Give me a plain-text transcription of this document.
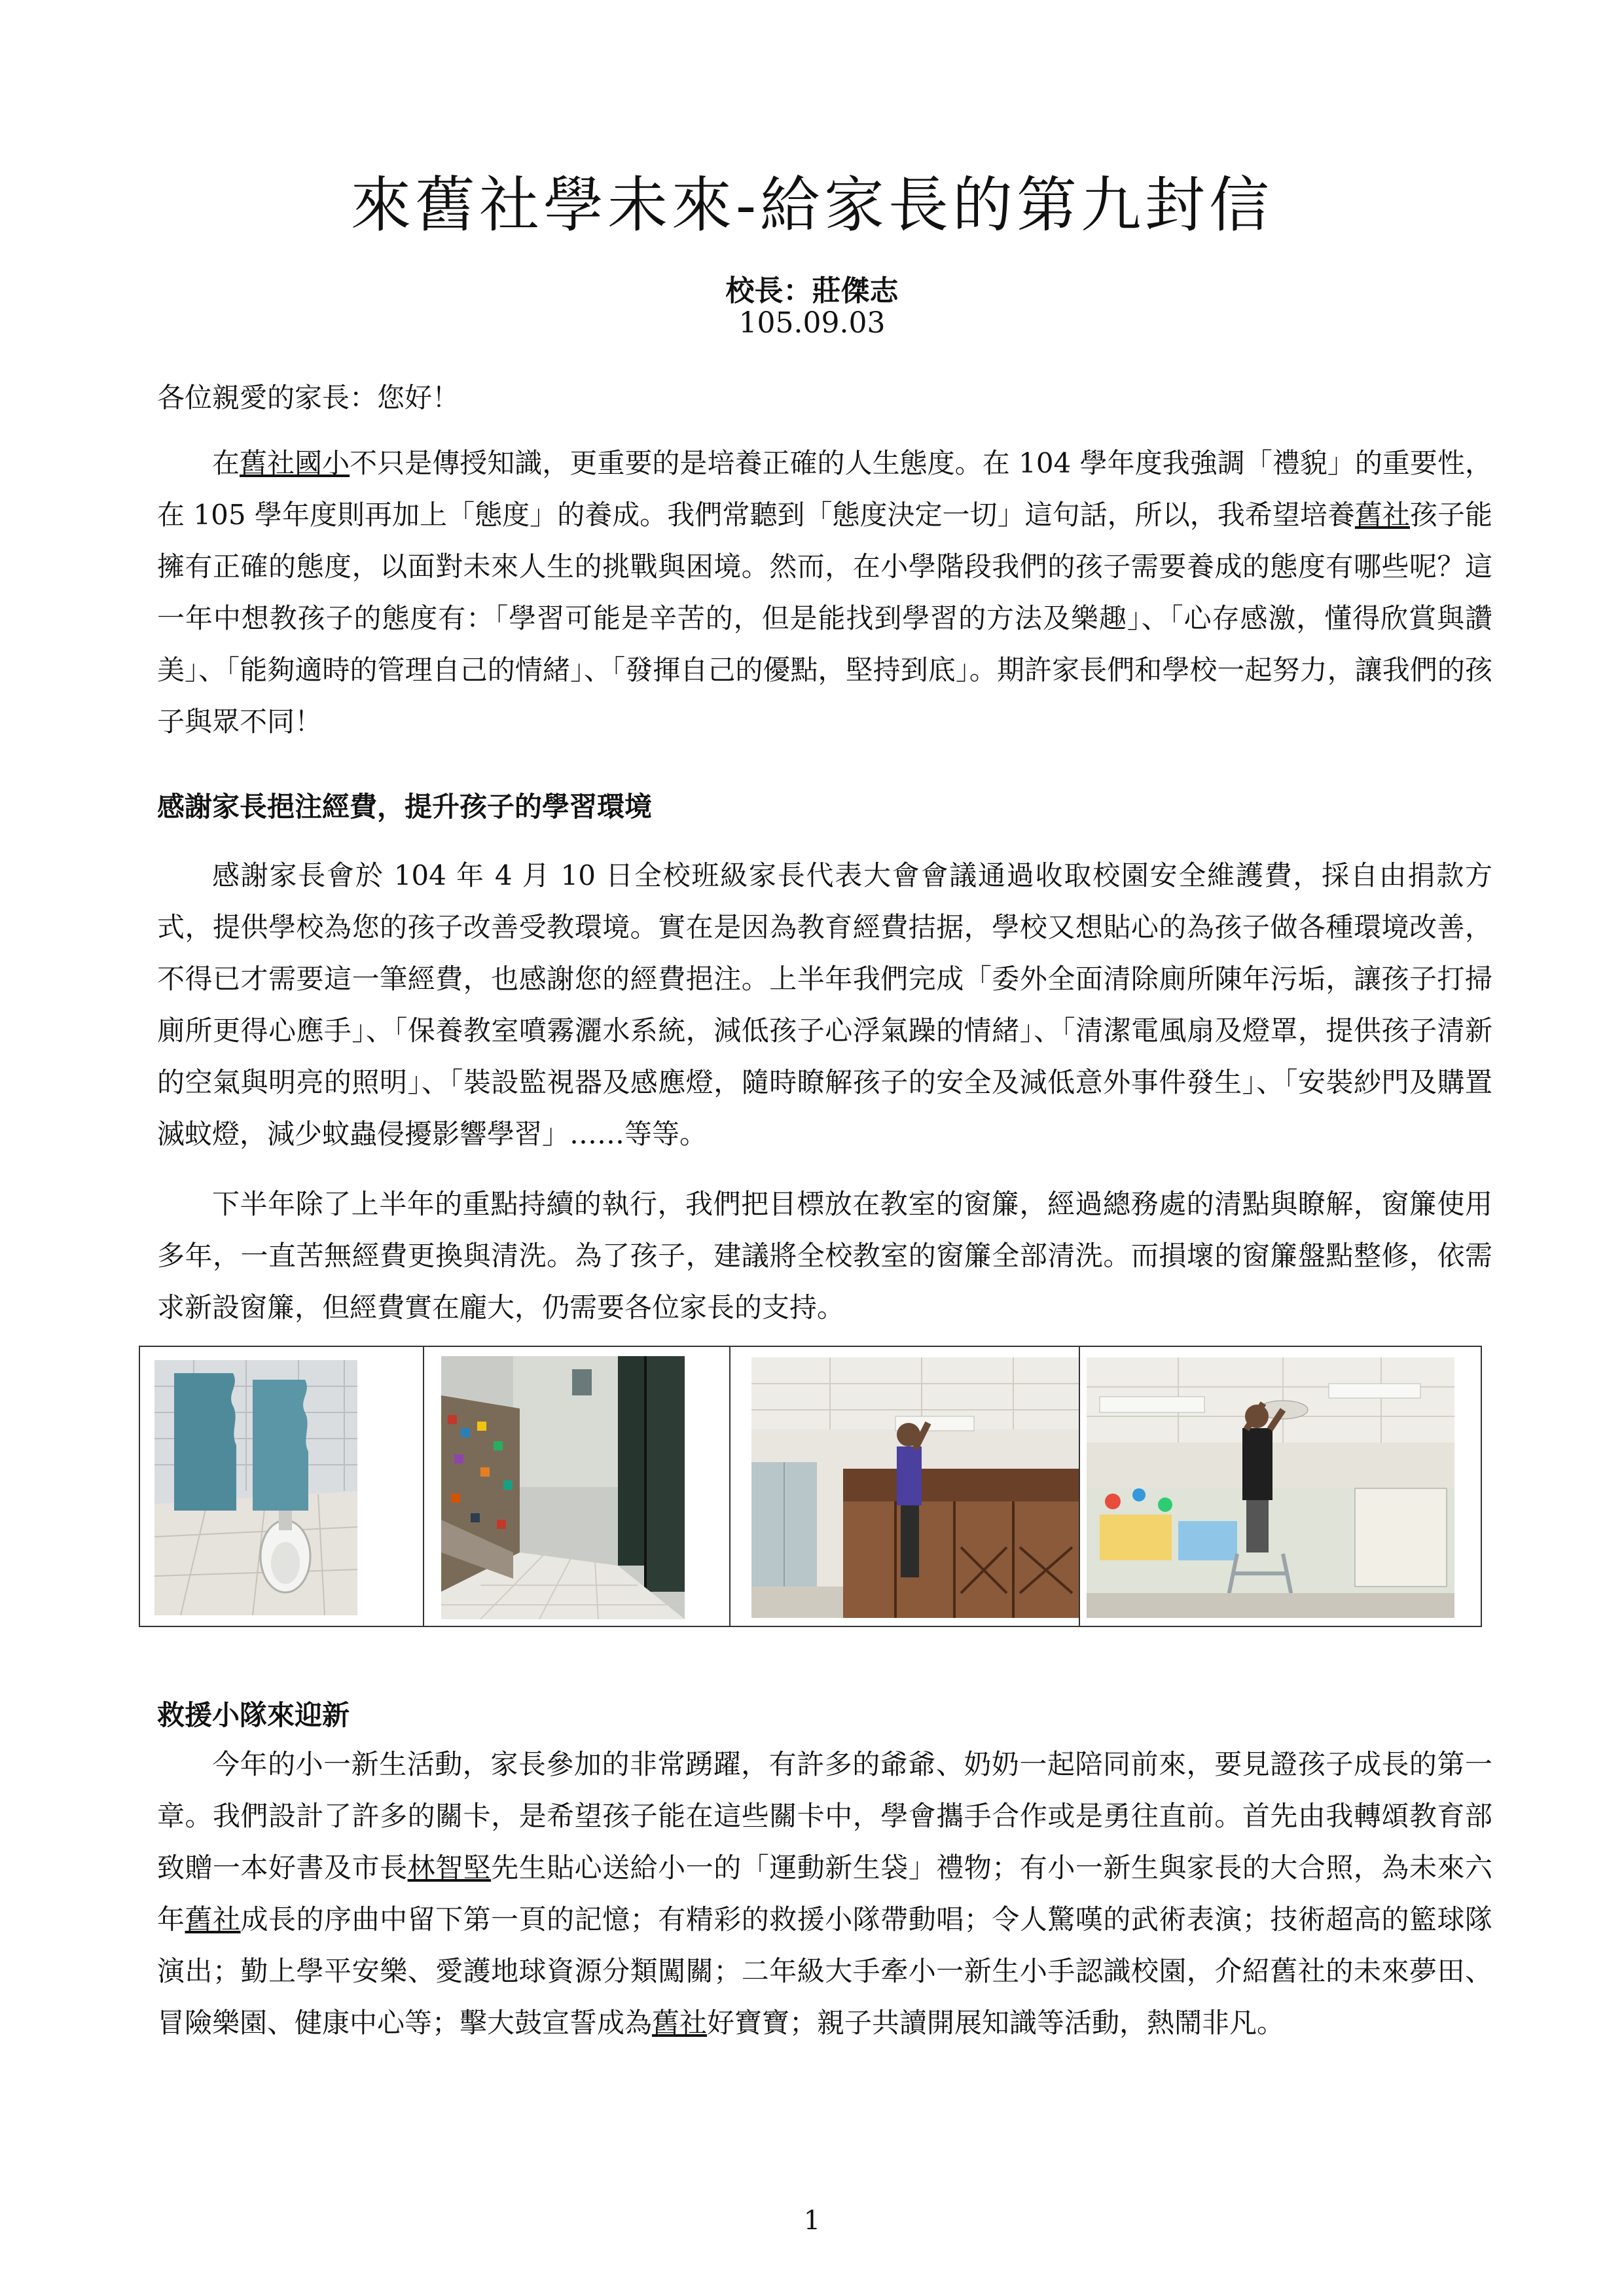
來舊社學未來-給家長的第九封信

校長：莊傑志

105.09.03

各位親愛的家長：您好！

在舊社國小不只是傳授知識，更重要的是培養正確的人生態度。在 104 學年度我強調「禮貌」的重要性，在 105 學年度則再加上「態度」的養成。我們常聽到「態度決定一切」這句話，所以，我希望培養舊社孩子能擁有正確的態度，以面對未來人生的挑戰與困境。然而，在小學階段我們的孩子需要養成的態度有哪些呢？這一年中想教孩子的態度有：「學習可能是辛苦的，但是能找到學習的方法及樂趣」、「心存感激，懂得欣賞與讚美」、「能夠適時的管理自己的情緒」、「發揮自己的優點，堅持到底」。期許家長們和學校一起努力，讓我們的孩子與眾不同！

感謝家長挹注經費，提升孩子的學習環境

感謝家長會於 104 年 4 月 10 日全校班級家長代表大會會議通過收取校園安全維護費，採自由捐款方式，提供學校為您的孩子改善受教環境。實在是因為教育經費拮据，學校又想貼心的為孩子做各種環境改善，不得已才需要這一筆經費，也感謝您的經費挹注。上半年我們完成「委外全面清除廁所陳年污垢，讓孩子打掃廁所更得心應手」、「保養教室噴霧灑水系統，減低孩子心浮氣躁的情緒」、「清潔電風扇及燈罩，提供孩子清新的空氣與明亮的照明」、「裝設監視器及感應燈，隨時瞭解孩子的安全及減低意外事件發生」、「安裝紗門及購置滅蚊燈，減少蚊蟲侵擾影響學習」……等等。

下半年除了上半年的重點持續的執行，我們把目標放在教室的窗簾，經過總務處的清點與瞭解，窗簾使用多年，一直苦無經費更換與清洗。為了孩子，建議將全校教室的窗簾全部清洗。而損壞的窗簾盤點整修，依需求新設窗簾，但經費實在龐大，仍需要各位家長的支持。

救援小隊來迎新

今年的小一新生活動，家長參加的非常踴躍，有許多的爺爺、奶奶一起陪同前來，要見證孩子成長的第一章。我們設計了許多的關卡，是希望孩子能在這些關卡中，學會攜手合作或是勇往直前。首先由我轉頌教育部致贈一本好書及市長林智堅先生貼心送給小一的「運動新生袋」禮物；有小一新生與家長的大合照，為未來六年舊社成長的序曲中留下第一頁的記憶；有精彩的救援小隊帶動唱；令人驚嘆的武術表演；技術超高的籃球隊演出；勤上學平安樂、愛護地球資源分類闖關；二年級大手牽小一新生小手認識校園，介紹舊社的未來夢田、冒險樂園、健康中心等；擊大鼓宣誓成為舊社好寶寶；親子共讀開展知識等活動，熱鬧非凡。

1
